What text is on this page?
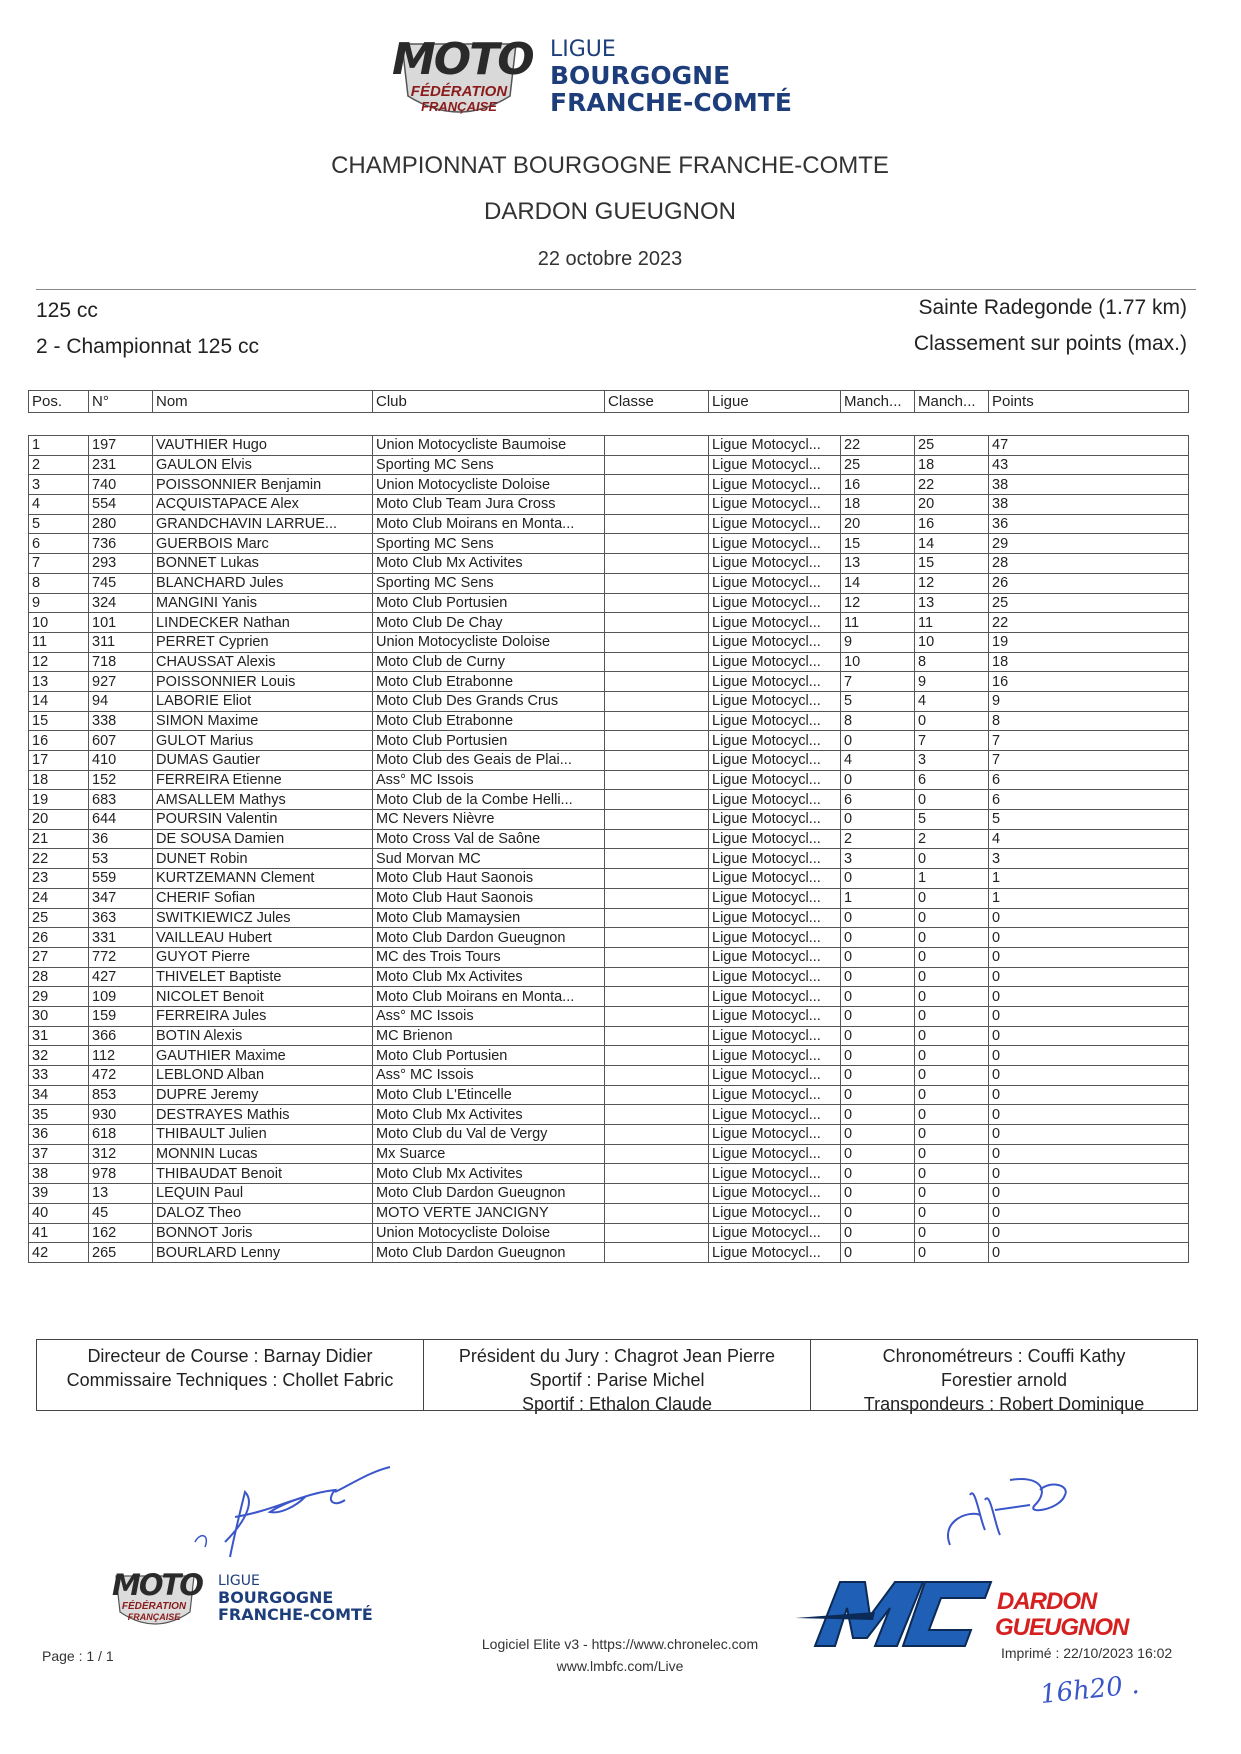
MOTO
FÉDÉRATION
FRANÇAISE
LIGUE
BOURGOGNE
FRANCHE-COMTÉ
CHAMPIONNAT BOURGOGNE FRANCHE-COMTE
DARDON GUEUGNON
22 octobre 2023
125 cc
2 - Championnat 125 cc
Sainte Radegonde (1.77 km)
Classement sur points (max.)
Pos.	N°	Nom	Club	Classe	Ligue	Manch...	Manch...	Points
1	197	VAUTHIER Hugo	Union Motocycliste Baumoise		Ligue Motocycl...	22	25	47
2	231	GAULON Elvis	Sporting MC Sens		Ligue Motocycl...	25	18	43
3	740	POISSONNIER Benjamin	Union Motocycliste Doloise		Ligue Motocycl...	16	22	38
4	554	ACQUISTAPACE Alex	Moto Club Team Jura Cross		Ligue Motocycl...	18	20	38
5	280	GRANDCHAVIN LARRUE...	Moto Club Moirans en Monta...		Ligue Motocycl...	20	16	36
6	736	GUERBOIS Marc	Sporting MC Sens		Ligue Motocycl...	15	14	29
7	293	BONNET Lukas	Moto Club Mx Activites		Ligue Motocycl...	13	15	28
8	745	BLANCHARD Jules	Sporting MC Sens		Ligue Motocycl...	14	12	26
9	324	MANGINI Yanis	Moto Club Portusien		Ligue Motocycl...	12	13	25
10	101	LINDECKER Nathan	Moto Club De Chay		Ligue Motocycl...	11	11	22
11	311	PERRET Cyprien	Union Motocycliste Doloise		Ligue Motocycl...	9	10	19
12	718	CHAUSSAT Alexis	Moto Club de Curny		Ligue Motocycl...	10	8	18
13	927	POISSONNIER Louis	Moto Club Etrabonne		Ligue Motocycl...	7	9	16
14	94	LABORIE Eliot	Moto Club Des Grands Crus		Ligue Motocycl...	5	4	9
15	338	SIMON Maxime	Moto Club Etrabonne		Ligue Motocycl...	8	0	8
16	607	GULOT Marius	Moto Club Portusien		Ligue Motocycl...	0	7	7
17	410	DUMAS Gautier	Moto Club des Geais de Plai...		Ligue Motocycl...	4	3	7
18	152	FERREIRA Etienne	Ass° MC Issois		Ligue Motocycl...	0	6	6
19	683	AMSALLEM Mathys	Moto Club de la Combe Helli...		Ligue Motocycl...	6	0	6
20	644	POURSIN Valentin	MC Nevers Nièvre		Ligue Motocycl...	0	5	5
21	36	DE SOUSA Damien	Moto Cross Val de Saône		Ligue Motocycl...	2	2	4
22	53	DUNET Robin	Sud Morvan MC		Ligue Motocycl...	3	0	3
23	559	KURTZEMANN Clement	Moto Club Haut Saonois		Ligue Motocycl...	0	1	1
24	347	CHERIF Sofian	Moto Club Haut Saonois		Ligue Motocycl...	1	0	1
25	363	SWITKIEWICZ Jules	Moto Club Mamaysien		Ligue Motocycl...	0	0	0
26	331	VAILLEAU Hubert	Moto Club Dardon Gueugnon		Ligue Motocycl...	0	0	0
27	772	GUYOT Pierre	MC des Trois Tours		Ligue Motocycl...	0	0	0
28	427	THIVELET Baptiste	Moto Club Mx Activites		Ligue Motocycl...	0	0	0
29	109	NICOLET Benoit	Moto Club Moirans en Monta...		Ligue Motocycl...	0	0	0
30	159	FERREIRA Jules	Ass° MC Issois		Ligue Motocycl...	0	0	0
31	366	BOTIN Alexis	MC Brienon		Ligue Motocycl...	0	0	0
32	112	GAUTHIER Maxime	Moto Club Portusien		Ligue Motocycl...	0	0	0
33	472	LEBLOND Alban	Ass° MC Issois		Ligue Motocycl...	0	0	0
34	853	DUPRE Jeremy	Moto Club L'Etincelle		Ligue Motocycl...	0	0	0
35	930	DESTRAYES Mathis	Moto Club Mx Activites		Ligue Motocycl...	0	0	0
36	618	THIBAULT Julien	Moto Club du Val de Vergy		Ligue Motocycl...	0	0	0
37	312	MONNIN Lucas	Mx Suarce		Ligue Motocycl...	0	0	0
38	978	THIBAUDAT Benoit	Moto Club Mx Activites		Ligue Motocycl...	0	0	0
39	13	LEQUIN Paul	Moto Club Dardon Gueugnon		Ligue Motocycl...	0	0	0
40	45	DALOZ Theo	MOTO VERTE JANCIGNY		Ligue Motocycl...	0	0	0
41	162	BONNOT Joris	Union Motocycliste Doloise		Ligue Motocycl...	0	0	0
42	265	BOURLARD Lenny	Moto Club Dardon Gueugnon		Ligue Motocycl...	0	0	0
Directeur de Course : Barnay Didier
Commissaire Techniques : Chollet Fabric
Président du Jury : Chagrot Jean Pierre
Sportif : Parise Michel
Sportif : Ethalon Claude
Chronométreurs : Couffi Kathy
Forestier arnold
Transpondeurs : Robert Dominique
MOTO
FÉDÉRATION
FRANÇAISE
LIGUE
BOURGOGNE
FRANCHE-COMTÉ	DARDON
GUEUGNON
Page : 1 / 1
Logiciel Elite v3 - https://www.chronelec.com
www.lmbfc.com/Live
Imprimé : 22/10/2023 16:02
16h20 .
